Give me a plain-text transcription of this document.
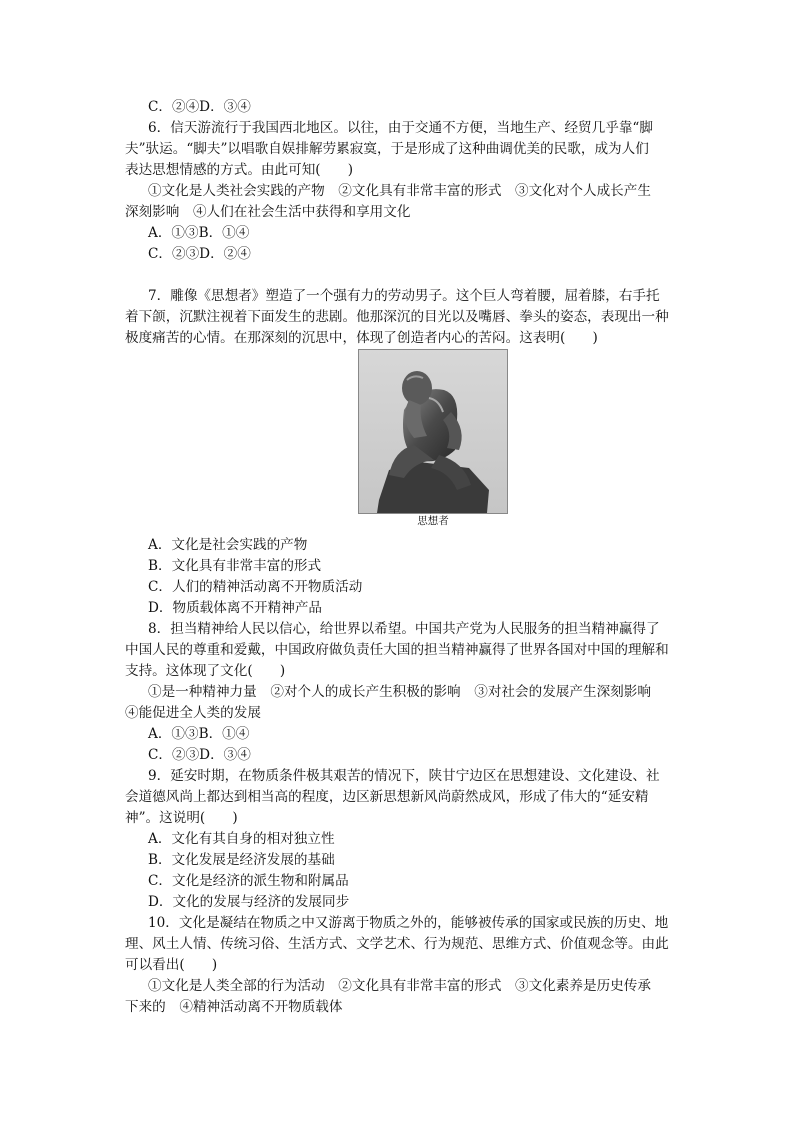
C．②④D．③④
6．信天游流行于我国西北地区。以往，由于交通不方便，当地生产、经贸几乎靠“脚
夫”驮运。“脚夫”以唱歌自娱排解劳累寂寞，于是形成了这种曲调优美的民歌，成为人们
表达思想情感的方式。由此可知(　　)
①文化是人类社会实践的产物　②文化具有非常丰富的形式　③文化对个人成长产生
深刻影响　④人们在社会生活中获得和享用文化
A．①③B．①④
C．②③D．②④
7．雕像《思想者》塑造了一个强有力的劳动男子。这个巨人弯着腰，屈着膝，右手托
着下颌，沉默注视着下面发生的悲剧。他那深沉的目光以及嘴唇、拳头的姿态，表现出一种
极度痛苦的心情。在那深刻的沉思中，体现了创造者内心的苦闷。这表明(　　)
思想者
A．文化是社会实践的产物
B．文化具有非常丰富的形式
C．人们的精神活动离不开物质活动
D．物质载体离不开精神产品
8．担当精神给人民以信心，给世界以希望。中国共产党为人民服务的担当精神赢得了
中国人民的尊重和爱戴，中国政府做负责任大国的担当精神赢得了世界各国对中国的理解和
支持。这体现了文化(　　)
①是一种精神力量　②对个人的成长产生积极的影响　③对社会的发展产生深刻影响
④能促进全人类的发展
A．①③B．①④
C．②③D．③④
9．延安时期，在物质条件极其艰苦的情况下，陕甘宁边区在思想建设、文化建设、社
会道德风尚上都达到相当高的程度，边区新思想新风尚蔚然成风，形成了伟大的“延安精
神”。这说明(　　)
A．文化有其自身的相对独立性
B．文化发展是经济发展的基础
C．文化是经济的派生物和附属品
D．文化的发展与经济的发展同步
10．文化是凝结在物质之中又游离于物质之外的，能够被传承的国家或民族的历史、地
理、风土人情、传统习俗、生活方式、文学艺术、行为规范、思维方式、价值观念等。由此
可以看出(　　)
①文化是人类全部的行为活动　②文化具有非常丰富的形式　③文化素养是历史传承
下来的　④精神活动离不开物质载体
